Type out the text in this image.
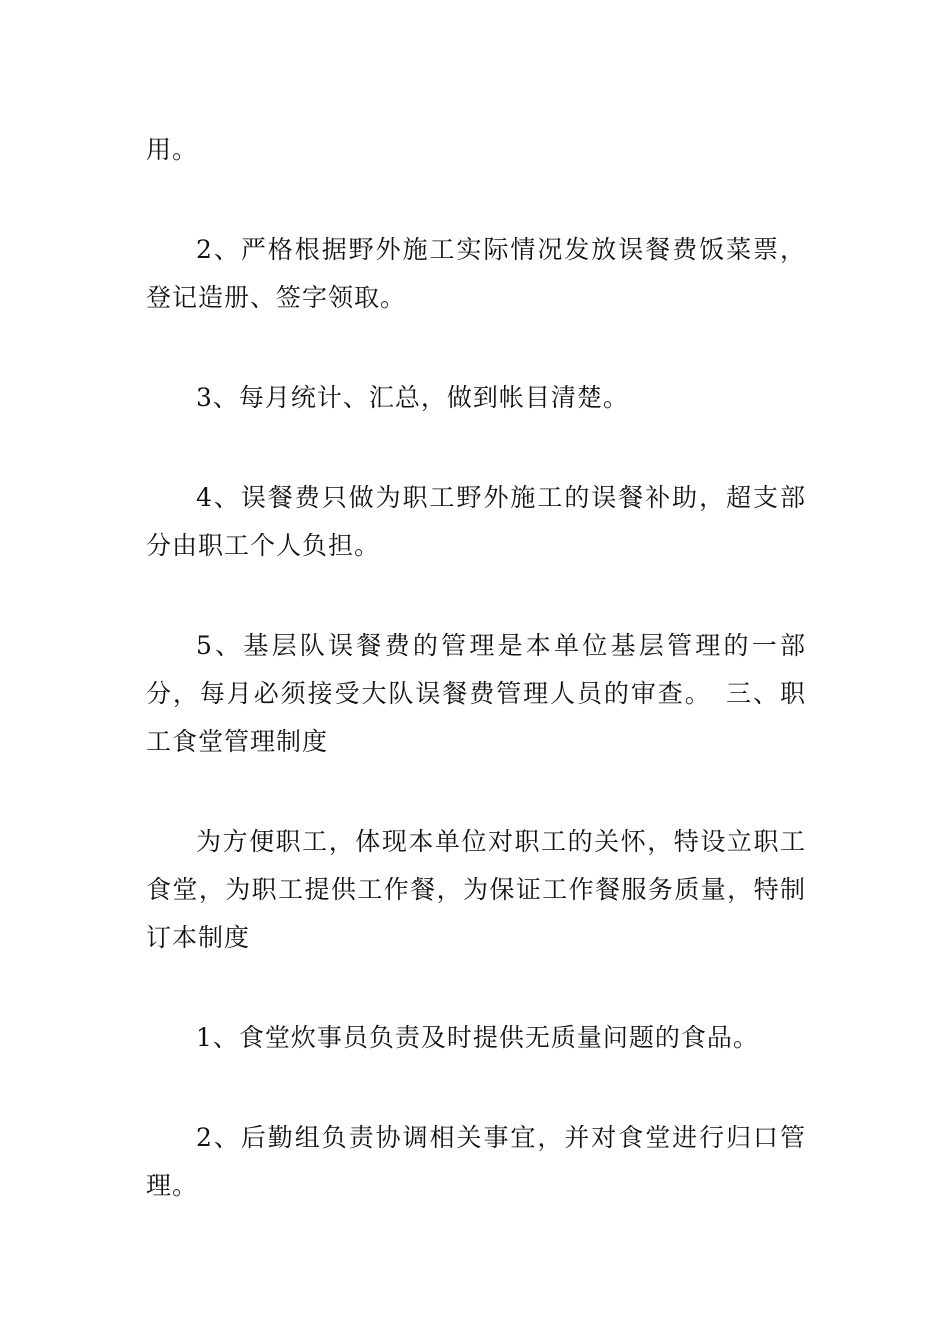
用。

2、严格根据野外施工实际情况发放误餐费饭菜票，登记造册、签字领取。

3、每月统计、汇总，做到帐目清楚。

4、误餐费只做为职工野外施工的误餐补助，超支部分由职工个人负担。

5、基层队误餐费的管理是本单位基层管理的一部分，每月必须接受大队误餐费管理人员的审查。　三、职工食堂管理制度

为方便职工，体现本单位对职工的关怀，特设立职工食堂，为职工提供工作餐，为保证工作餐服务质量，特制订本制度

1、食堂炊事员负责及时提供无质量问题的食品。

2、后勤组负责协调相关事宜，并对食堂进行归口管理。
